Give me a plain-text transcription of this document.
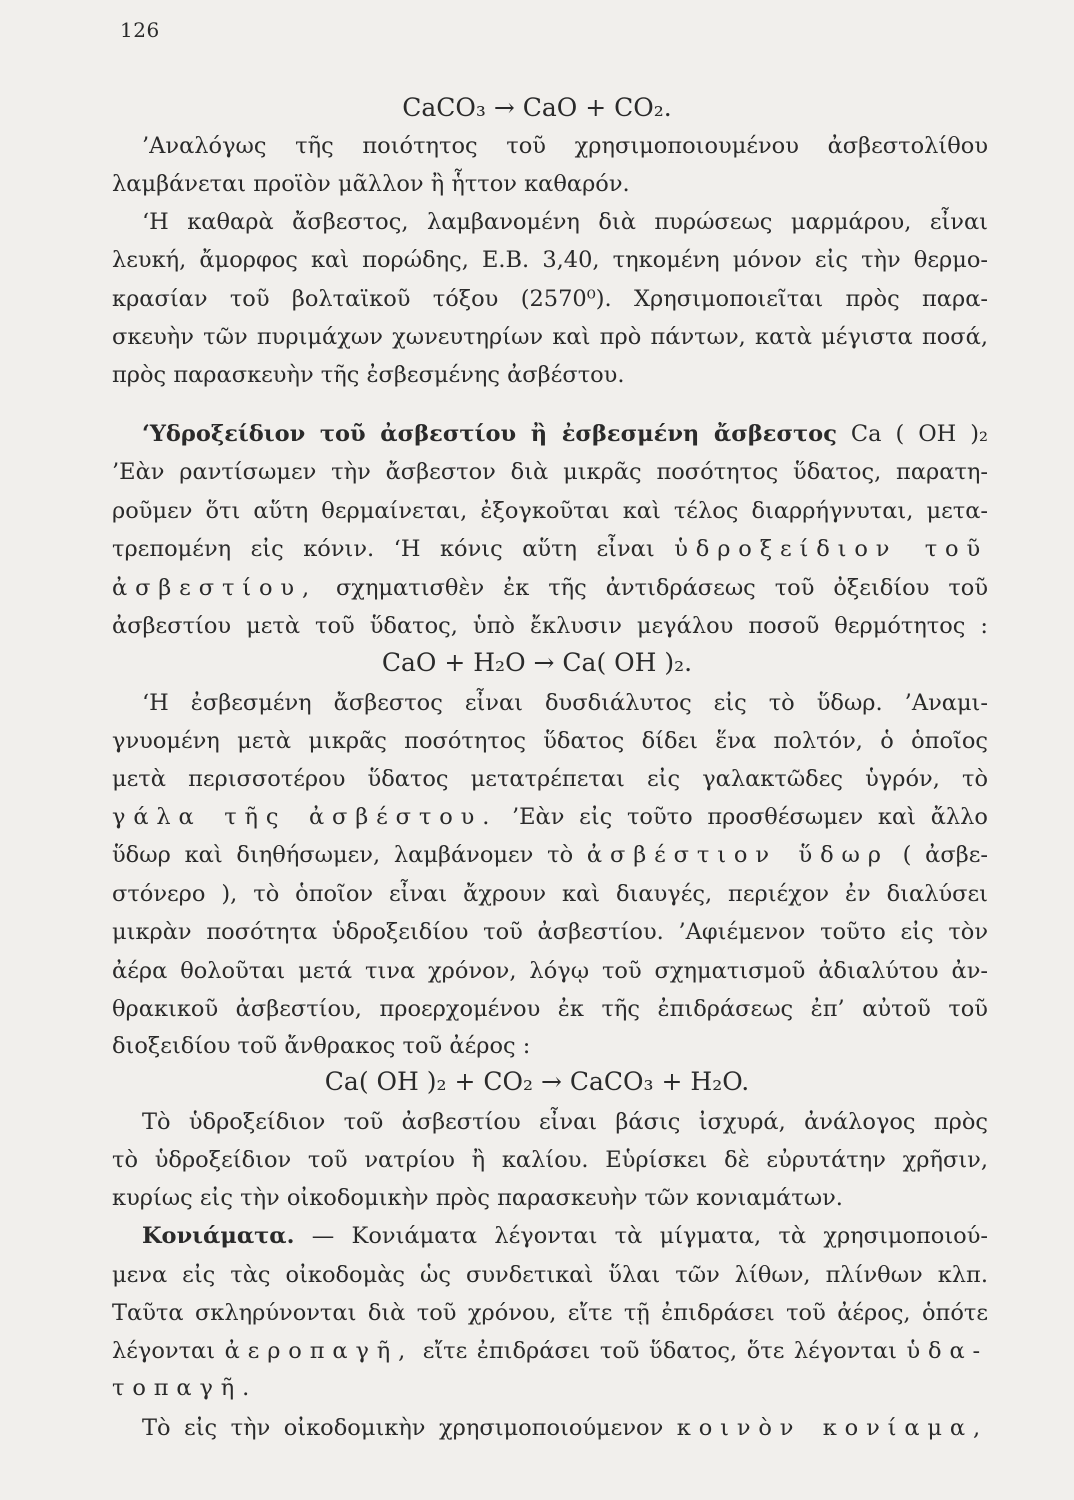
126
CaCO₃ → CaO + CO₂.
’Αναλόγως τῆς ποιότητος τοῦ χρησιμοποιουμένου ἀσβεστολίθου
λαμβάνεται προϊὸν μᾶλλον ἢ ἧττον καθαρόν.
‘Η καθαρὰ ἄσβεστος, λαμβανομένη διὰ πυρώσεως μαρμάρου, εἶναι
λευκή, ἄμορφος καὶ πορώδης, Ε.Β. 3,40, τηκομένη μόνον εἰς τὴν θερμο-
κρασίαν τοῦ βολταϊκοῦ τόξου (2570⁰). Χρησιμοποιεῖται πρὸς παρα-
σκευὴν τῶν πυριμάχων χωνευτηρίων καὶ πρὸ πάντων, κατὰ μέγιστα ποσά,
πρὸς παρασκευὴν τῆς ἐσβεσμένης ἀσβέστου.
‘Υδροξείδιον τοῦ ἀσβεστίου ἢ ἐσβεσμένη ἄσβεστος Ca ( OH )₂
’Εὰν ραντίσωμεν τὴν ἄσβεστον διὰ μικρᾶς ποσότητος ὕδατος, παρατη-
ροῦμεν ὅτι αὕτη θερμαίνεται, ἐξογκοῦται καὶ τέλος διαρρήγνυται, μετα-
τρεπομένη εἰς κόνιν. ‘Η κόνις αὕτη εἶναι ὑδροξείδιον τοῦ
ἀσβεστίου, σχηματισθὲν ἐκ τῆς ἀντιδράσεως τοῦ ὀξειδίου τοῦ
ἀσβεστίου μετὰ τοῦ ὕδατος, ὑπὸ ἔκλυσιν μεγάλου ποσοῦ θερμότητος :
CaO + H₂O → Ca( OH )₂.
‘Η ἐσβεσμένη ἄσβεστος εἶναι δυσδιάλυτος εἰς τὸ ὕδωρ. ’Αναμι-
γνυομένη μετὰ μικρᾶς ποσότητος ὕδατος δίδει ἕνα πολτόν, ὁ ὁποῖος
μετὰ περισσοτέρου ὕδατος μετατρέπεται εἰς γαλακτῶδες ὑγρόν, τὸ
γάλα τῆς ἀσβέστου. ’Εὰν εἰς τοῦτο προσθέσωμεν καὶ ἄλλο
ὕδωρ καὶ διηθήσωμεν, λαμβάνομεν τὸ ἀσβέστιον ὕδωρ ( ἀσβε-
στόνερο ), τὸ ὁποῖον εἶναι ἄχρουν καὶ διαυγές, περιέχον ἐν διαλύσει
μικρὰν ποσότητα ὑδροξειδίου τοῦ ἀσβεστίου. ’Αφιέμενον τοῦτο εἰς τὸν
ἀέρα θολοῦται μετά τινα χρόνον, λόγῳ τοῦ σχηματισμοῦ ἀδιαλύτου ἀν-
θρακικοῦ ἀσβεστίου, προερχομένου ἐκ τῆς ἐπιδράσεως ἐπ’ αὐτοῦ τοῦ
διοξειδίου τοῦ ἄνθρακος τοῦ ἀέρος :
Ca( OH )₂ + CO₂ → CaCO₃ + H₂O.
Τὸ ὑδροξείδιον τοῦ ἀσβεστίου εἶναι βάσις ἰσχυρά, ἀνάλογος πρὸς
τὸ ὑδροξείδιον τοῦ νατρίου ἢ καλίου. Εὑρίσκει δὲ εὐρυτάτην χρῆσιν,
κυρίως εἰς τὴν οἰκοδομικὴν πρὸς παρασκευὴν τῶν κονιαμάτων.
Κονιάματα. — Κονιάματα λέγονται τὰ μίγματα, τὰ χρησιμοποιού-
μενα εἰς τὰς οἰκοδομὰς ὡς συνδετικαὶ ὕλαι τῶν λίθων, πλίνθων κλπ.
Ταῦτα σκληρύνονται διὰ τοῦ χρόνου, εἴτε τῇ ἐπιδράσει τοῦ ἀέρος, ὁπότε
λέγονται ἀεροπαγῆ, εἴτε ἐπιδράσει τοῦ ὕδατος, ὅτε λέγονται ὑδα-
τοπαγῆ.
Τὸ εἰς τὴν οἰκοδομικὴν χρησιμοποιούμενον κοινὸν κονίαμα,
